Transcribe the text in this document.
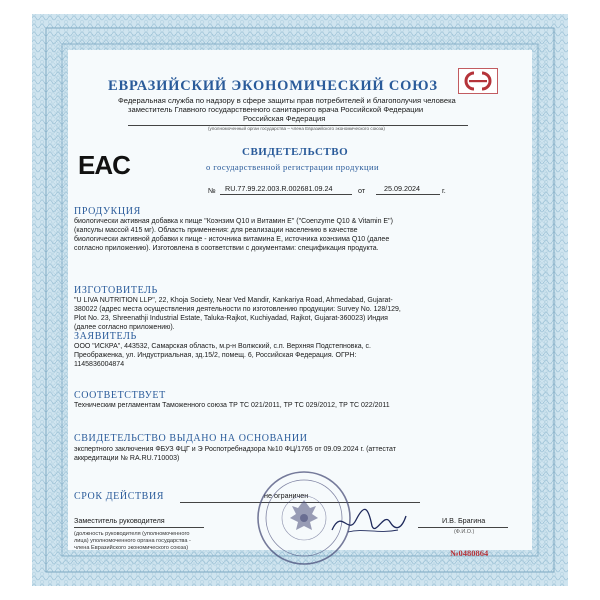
ЕВРАЗИЙСКИЙ ЭКОНОМИЧЕСКИЙ СОЮЗ
Федеральная служба по надзору в сфере защиты прав потребителей и благополучия человека
заместитель Главного государственного санитарного врача Российской Федерации
Российская Федерация
(уполномоченный орган государства – члена Евразийского экономического союза)
EAC	СВИДЕТЕЛЬСТВО
о государственной регистрации продукции
№ RU.77.99.22.003.R.002681.09.24	от	25.09.2024	г.
ПРОДУКЦИЯ
биологически активная добавка к пище "Коэнзим Q10 и Витамин Е" ("Coenzyme Q10 & Vitamin E")
(капсулы массой 415 мг). Область применения: для реализации населению в качестве
биологически активной добавки к пище - источника витамина Е, источника коэнзима Q10 (далее
согласно приложению). Изготовлена в соответствии с документами: спецификация продукта.
ИЗГОТОВИТЕЛЬ
"U LIVA NUTRITION LLP", 22, Khoja Society, Near Ved Mandir, Kankariya Road, Ahmedabad, Gujarat-
380022 (адрес места осуществления деятельности по изготовлению продукции: Survey No. 128/129,
Plot No. 23, Shreenathji Industrial Estate, Taluka-Rajkot, Kuchiyadad, Rajkot, Gujarat-360023) Индия
(далее согласно приложению).
ЗАЯВИТЕЛЬ
ООО "ИСКРА", 443532, Самарская область, м.р-н Волжский, с.п. Верхняя Подстепновка, с.
Преображенка, ул. Индустриальная, зд.15/2, помещ. 6, Российская Федерация. ОГРН:
1145836004874
СООТВЕТСТВУЕТ
Техническим регламентам Таможенного союза ТР ТС 021/2011, ТР ТС 029/2012, ТР ТС 022/2011
СВИДЕТЕЛЬСТВО ВЫДАНО НА ОСНОВАНИИ
экспертного заключения ФБУЗ ФЦГ и Э Роспотребнадзора №10 ФЦ/1765 от 09.09.2024 г. (аттестат
аккредитации № RA.RU.710003)
СРОК ДЕЙСТВИЯ	не ограничен
Заместитель руководителя	И.В. Брагина
(Ф.И.О.)
(должность руководителя (уполномоченного
лица) уполномоченного органа государства -
члена Евразийского экономического союза)	№0480864
